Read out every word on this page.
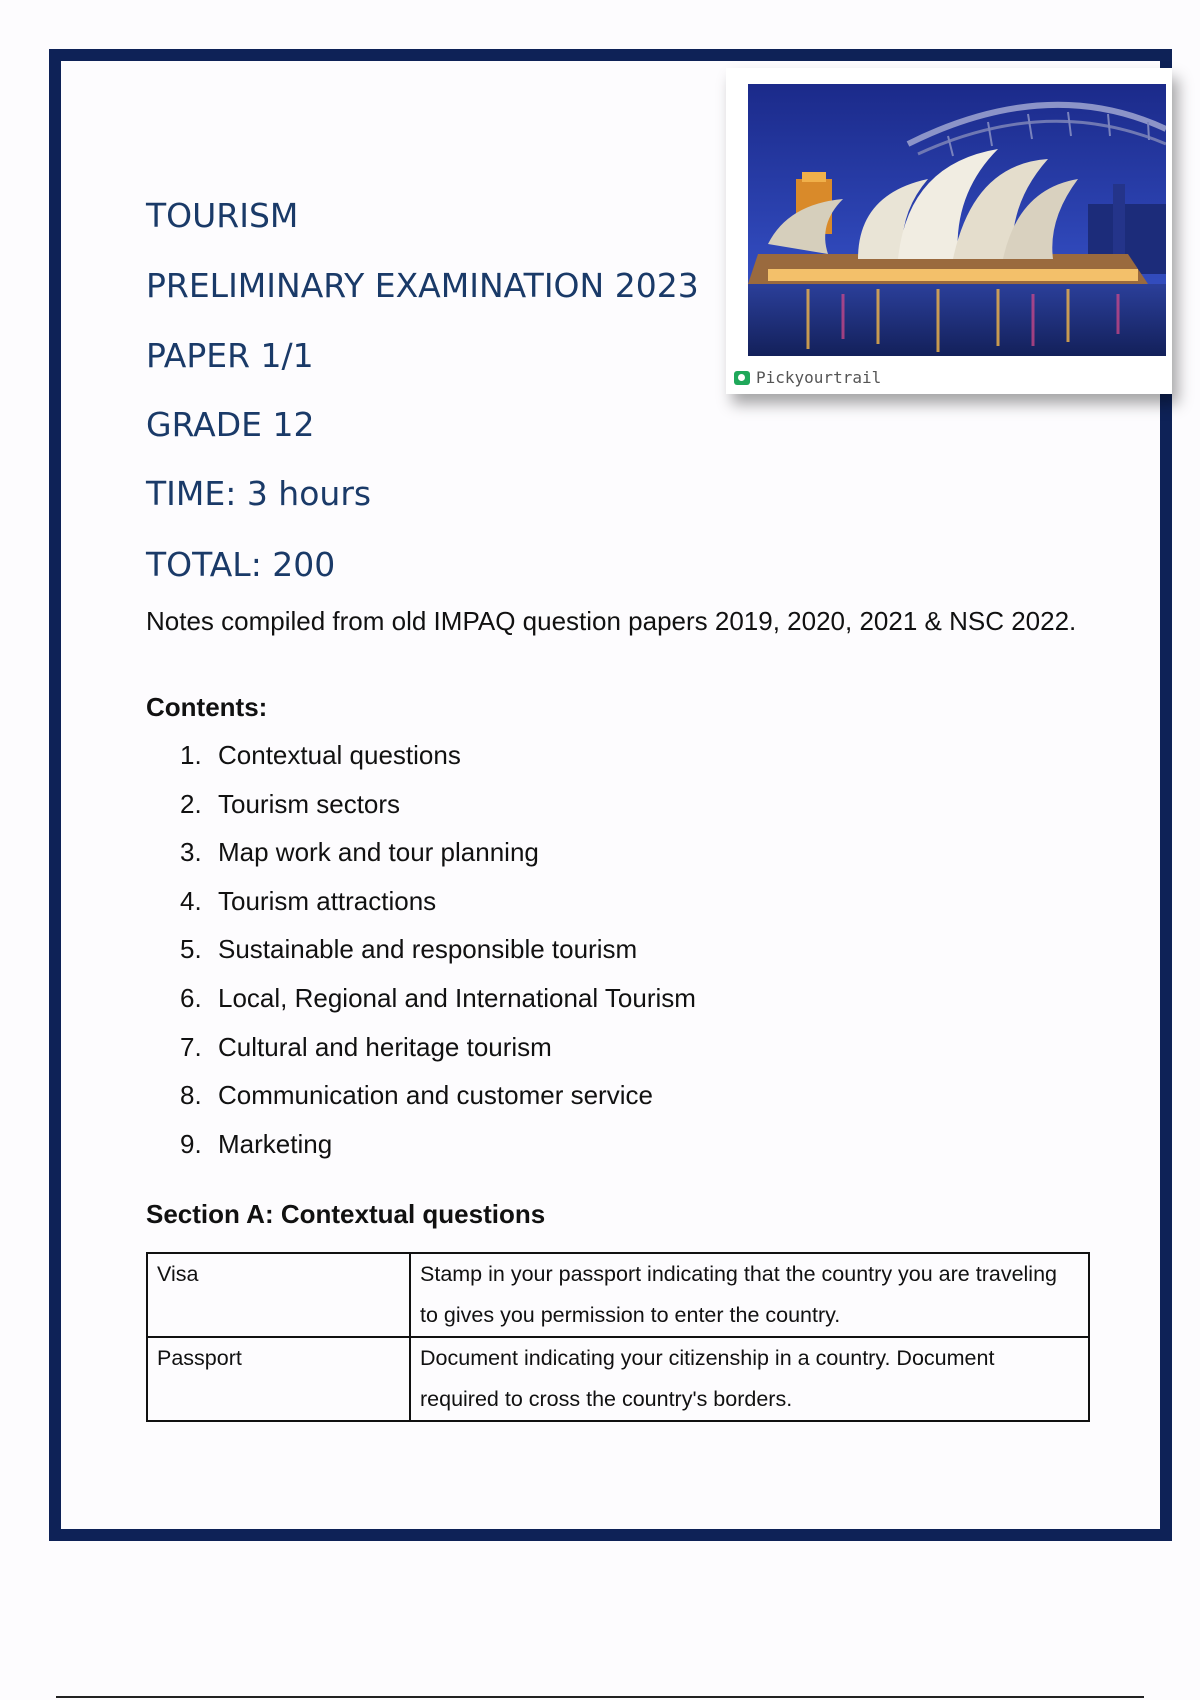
TOURISM
PRELIMINARY EXAMINATION 2023
PAPER 1/1
GRADE 12
TIME: 3 hours
TOTAL: 200
Pickyourtrail

Notes compiled from old IMPAQ question papers 2019, 2020, 2021 & NSC 2022.

Contents:

1. Contextual questions
2. Tourism sectors
3. Map work and tour planning
4. Tourism attractions
5. Sustainable and responsible tourism
6. Local, Regional and International Tourism
7. Cultural and heritage tourism
8. Communication and customer service
9. Marketing

Section A: Contextual questions

Visa	Stamp in your passport indicating that the country you are traveling to gives you permission to enter the country.
Passport	Document indicating your citizenship in a country. Document required to cross the country's borders.
